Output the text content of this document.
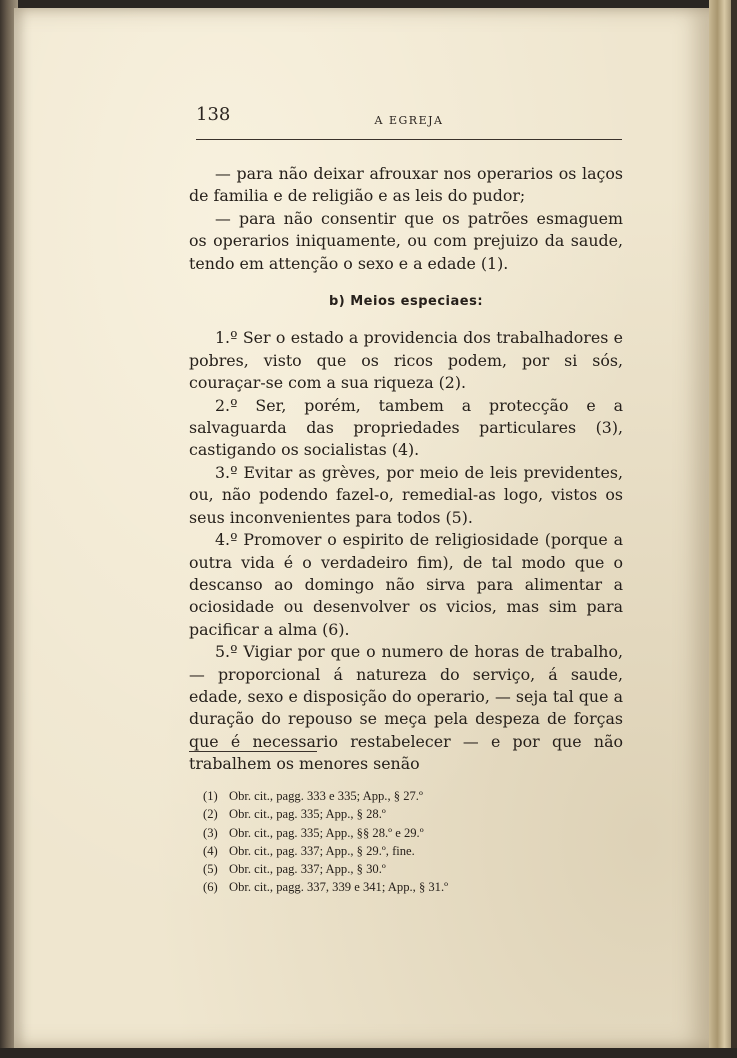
138	A EGREJA

— para não deixar afrouxar nos operarios os laços de familia e de religião e as leis do pudor;

— para não consentir que os patrões esmaguem os operarios iniquamente, ou com prejuizo da saude, tendo em attenção o sexo e a edade (1).

b) Meios especiaes:

1.º Ser o estado a providencia dos trabalhadores e pobres, visto que os ricos podem, por si sós, couraçar-se com a sua riqueza (2).

2.º Ser, porém, tambem a protecção e a salvaguarda das propriedades particulares (3), castigando os socialistas (4).

3.º Evitar as grèves, por meio de leis previdentes, ou, não podendo fazel-o, remedial-as logo, vistos os seus inconvenientes para todos (5).

4.º Promover o espirito de religiosidade (porque a outra vida é o verdadeiro fim), de tal modo que o descanso ao domingo não sirva para alimentar a ociosidade ou desenvolver os vicios, mas sim para pacificar a alma (6).

5.º Vigiar por que o numero de horas de trabalho, — proporcional á natureza do serviço, á saude, edade, sexo e disposição do operario, — seja tal que a duração do repouso se meça pela despeza de forças que é necessario restabelecer — e por que não trabalhem os menores senão

(1) Obr. cit., pagg. 333 e 335; App., § 27.º
(2) Obr. cit., pag. 335; App., § 28.º
(3) Obr. cit., pag. 335; App., §§ 28.º e 29.º
(4) Obr. cit., pag. 337; App., § 29.º, fine.
(5) Obr. cit., pag. 337; App., § 30.º
(6) Obr. cit., pagg. 337, 339 e 341; App., § 31.º
